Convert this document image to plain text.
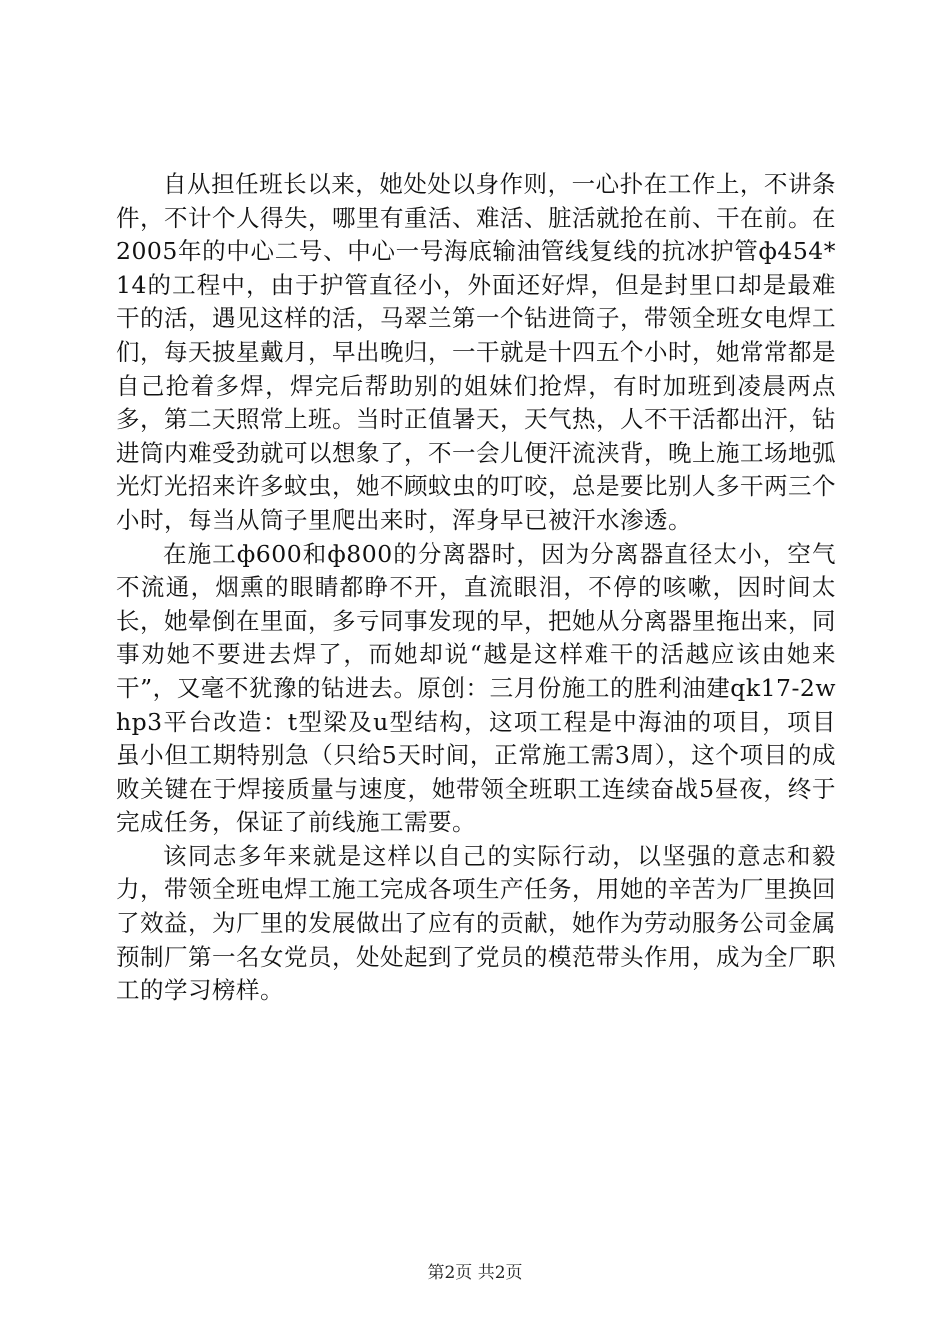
自从担任班长以来，她处处以身作则，一心扑在工作上，不讲条件，不计个人得失，哪里有重活、难活、脏活就抢在前、干在前。在2005年的中心二号、中心一号海底输油管线复线的抗冰护管ф454*14的工程中，由于护管直径小，外面还好焊，但是封里口却是最难干的活，遇见这样的活，马翠兰第一个钻进筒子，带领全班女电焊工们，每天披星戴月，早出晚归，一干就是十四五个小时，她常常都是自己抢着多焊，焊完后帮助别的姐妹们抢焊，有时加班到凌晨两点多，第二天照常上班。当时正值暑天，天气热，人不干活都出汗，钻进筒内难受劲就可以想象了，不一会儿便汗流浃背，晚上施工场地弧光灯光招来许多蚊虫，她不顾蚊虫的叮咬，总是要比别人多干两三个小时，每当从筒子里爬出来时，浑身早已被汗水渗透。

在施工ф600和ф800的分离器时，因为分离器直径太小，空气不流通，烟熏的眼睛都睁不开，直流眼泪，不停的咳嗽，因时间太长，她晕倒在里面，多亏同事发现的早，把她从分离器里拖出来，同事劝她不要进去焊了，而她却说“越是这样难干的活越应该由她来干”，又毫不犹豫的钻进去。原创：三月份施工的胜利油建qk17-2whp3平台改造：t型梁及u型结构，这项工程是中海油的项目，项目虽小但工期特别急（只给5天时间，正常施工需3周），这个项目的成败关键在于焊接质量与速度，她带领全班职工连续奋战5昼夜，终于完成任务，保证了前线施工需要。

该同志多年来就是这样以自己的实际行动，以坚强的意志和毅力，带领全班电焊工施工完成各项生产任务，用她的辛苦为厂里换回了效益，为厂里的发展做出了应有的贡献，她作为劳动服务公司金属预制厂第一名女党员，处处起到了党员的模范带头作用，成为全厂职工的学习榜样。

第2页 共2页
